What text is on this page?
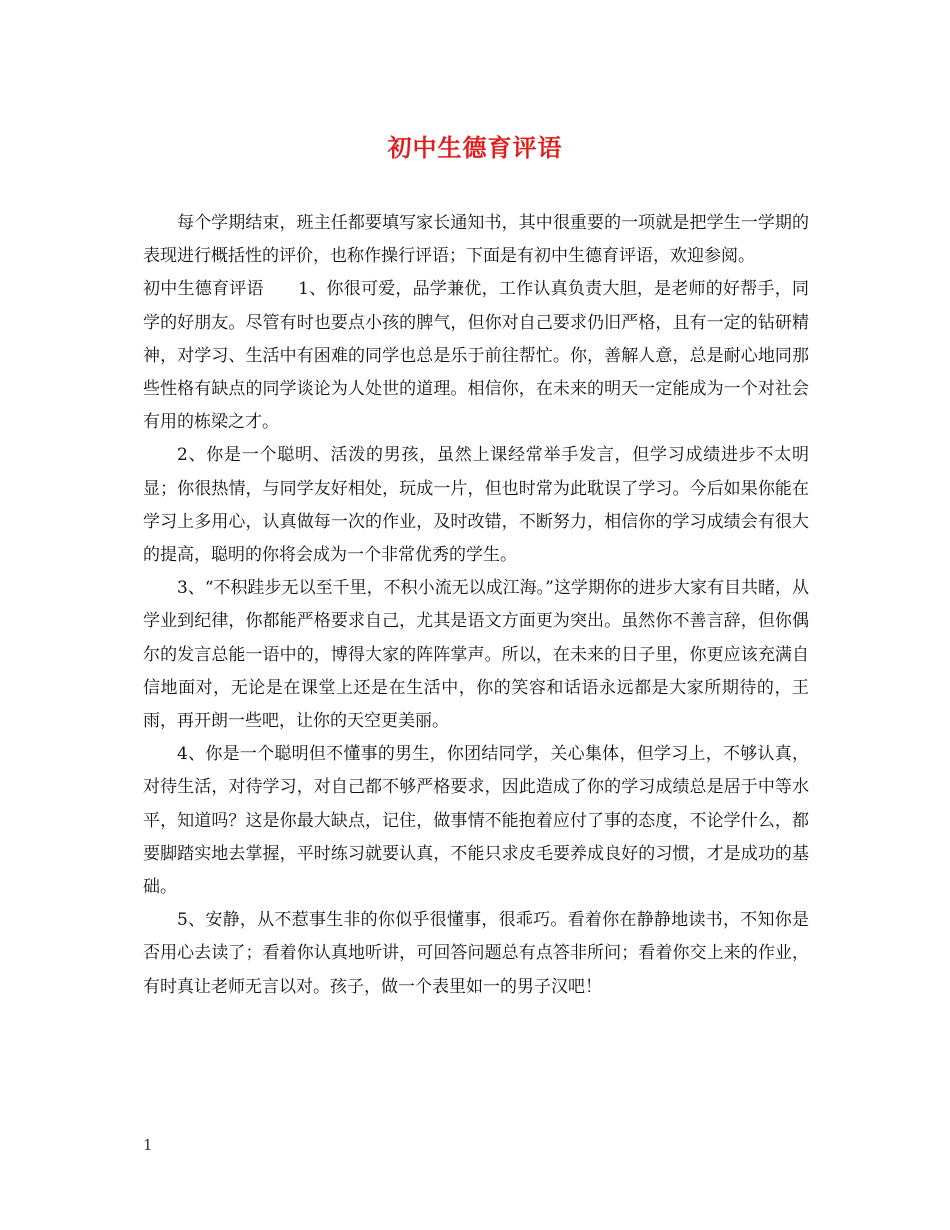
初中生德育评语

每个学期结束，班主任都要填写家长通知书，其中很重要的一项就是把学生一学期的表现进行概括性的评价，也称作操行评语；下面是有初中生德育评语，欢迎参阅。

初中生德育评语　　1、你很可爱，品学兼优，工作认真负责大胆，是老师的好帮手，同学的好朋友。尽管有时也要点小孩的脾气，但你对自己要求仍旧严格，且有一定的钻研精神，对学习、生活中有困难的同学也总是乐于前往帮忙。你，善解人意，总是耐心地同那些性格有缺点的同学谈论为人处世的道理。相信你，在未来的明天一定能成为一个对社会有用的栋梁之才。

2、你是一个聪明、活泼的男孩，虽然上课经常举手发言，但学习成绩进步不太明显；你很热情，与同学友好相处，玩成一片，但也时常为此耽误了学习。今后如果你能在学习上多用心，认真做每一次的作业，及时改错，不断努力，相信你的学习成绩会有很大的提高，聪明的你将会成为一个非常优秀的学生。

3、“不积跬步无以至千里，不积小流无以成江海。”这学期你的进步大家有目共睹，从学业到纪律，你都能严格要求自己，尤其是语文方面更为突出。虽然你不善言辞，但你偶尔的发言总能一语中的，博得大家的阵阵掌声。所以，在未来的日子里，你更应该充满自信地面对，无论是在课堂上还是在生活中，你的笑容和话语永远都是大家所期待的，王雨，再开朗一些吧，让你的天空更美丽。

4、你是一个聪明但不懂事的男生，你团结同学，关心集体，但学习上，不够认真，对待生活，对待学习，对自己都不够严格要求，因此造成了你的学习成绩总是居于中等水平，知道吗？这是你最大缺点，记住，做事情不能抱着应付了事的态度，不论学什么，都要脚踏实地去掌握，平时练习就要认真，不能只求皮毛要养成良好的习惯，才是成功的基础。

5、安静，从不惹事生非的你似乎很懂事，很乖巧。看着你在静静地读书，不知你是否用心去读了；看着你认真地听讲，可回答问题总有点答非所问；看着你交上来的作业，有时真让老师无言以对。孩子，做一个表里如一的男子汉吧！

1
